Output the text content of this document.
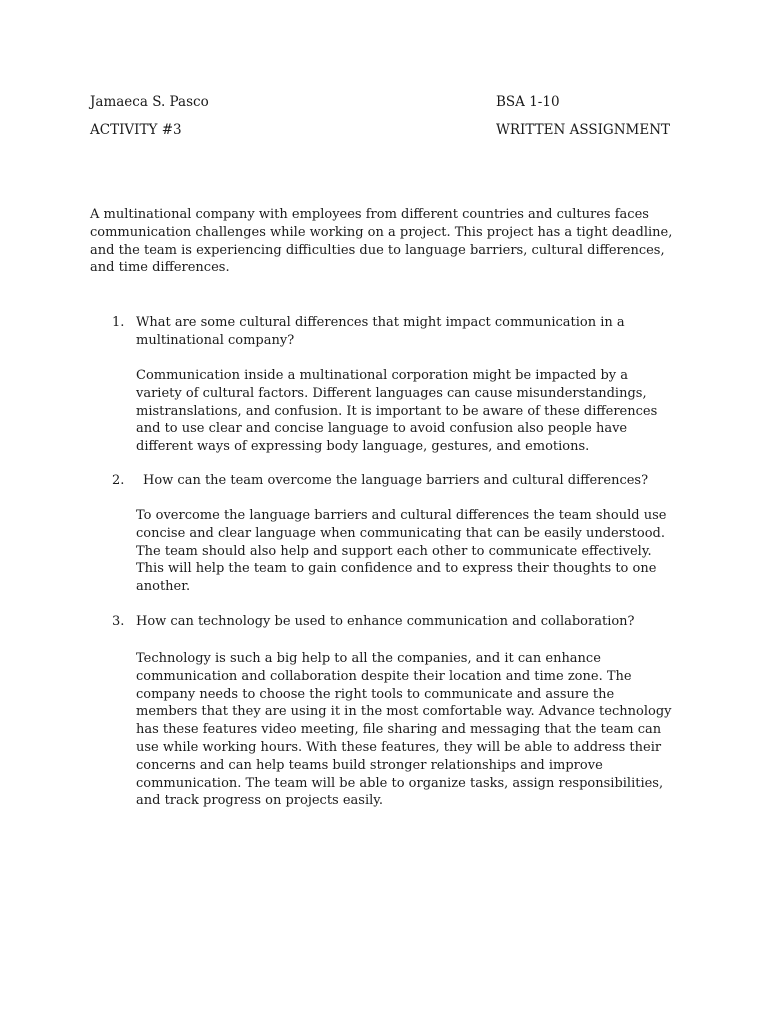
Jamaeca S. Pasco	BSA 1-10
ACTIVITY #3	WRITTEN ASSIGNMENT
A multinational company with employees from different countries and cultures faces communication challenges while working on a project. This project has a tight deadline, and the team is experiencing difficulties due to language barriers, cultural differences, and time differences.
1. What are some cultural differences that might impact communication in a multinational company?
Communication inside a multinational corporation might be impacted by a variety of cultural factors. Different languages can cause misunderstandings, mistranslations, and confusion. It is important to be aware of these differences and to use clear and concise language to avoid confusion also people have different ways of expressing body language, gestures, and emotions.
2. How can the team overcome the language barriers and cultural differences?
To overcome the language barriers and cultural differences the team should use concise and clear language when communicating that can be easily understood. The team should also help and support each other to communicate effectively. This will help the team to gain confidence and to express their thoughts to one another.
3. How can technology be used to enhance communication and collaboration?
Technology is such a big help to all the companies, and it can enhance communication and collaboration despite their location and time zone. The company needs to choose the right tools to communicate and assure the members that they are using it in the most comfortable way. Advance technology has these features video meeting, file sharing and messaging that the team can use while working hours. With these features, they will be able to address their concerns and can help teams build stronger relationships and improve communication. The team will be able to organize tasks, assign responsibilities, and track progress on projects easily.
